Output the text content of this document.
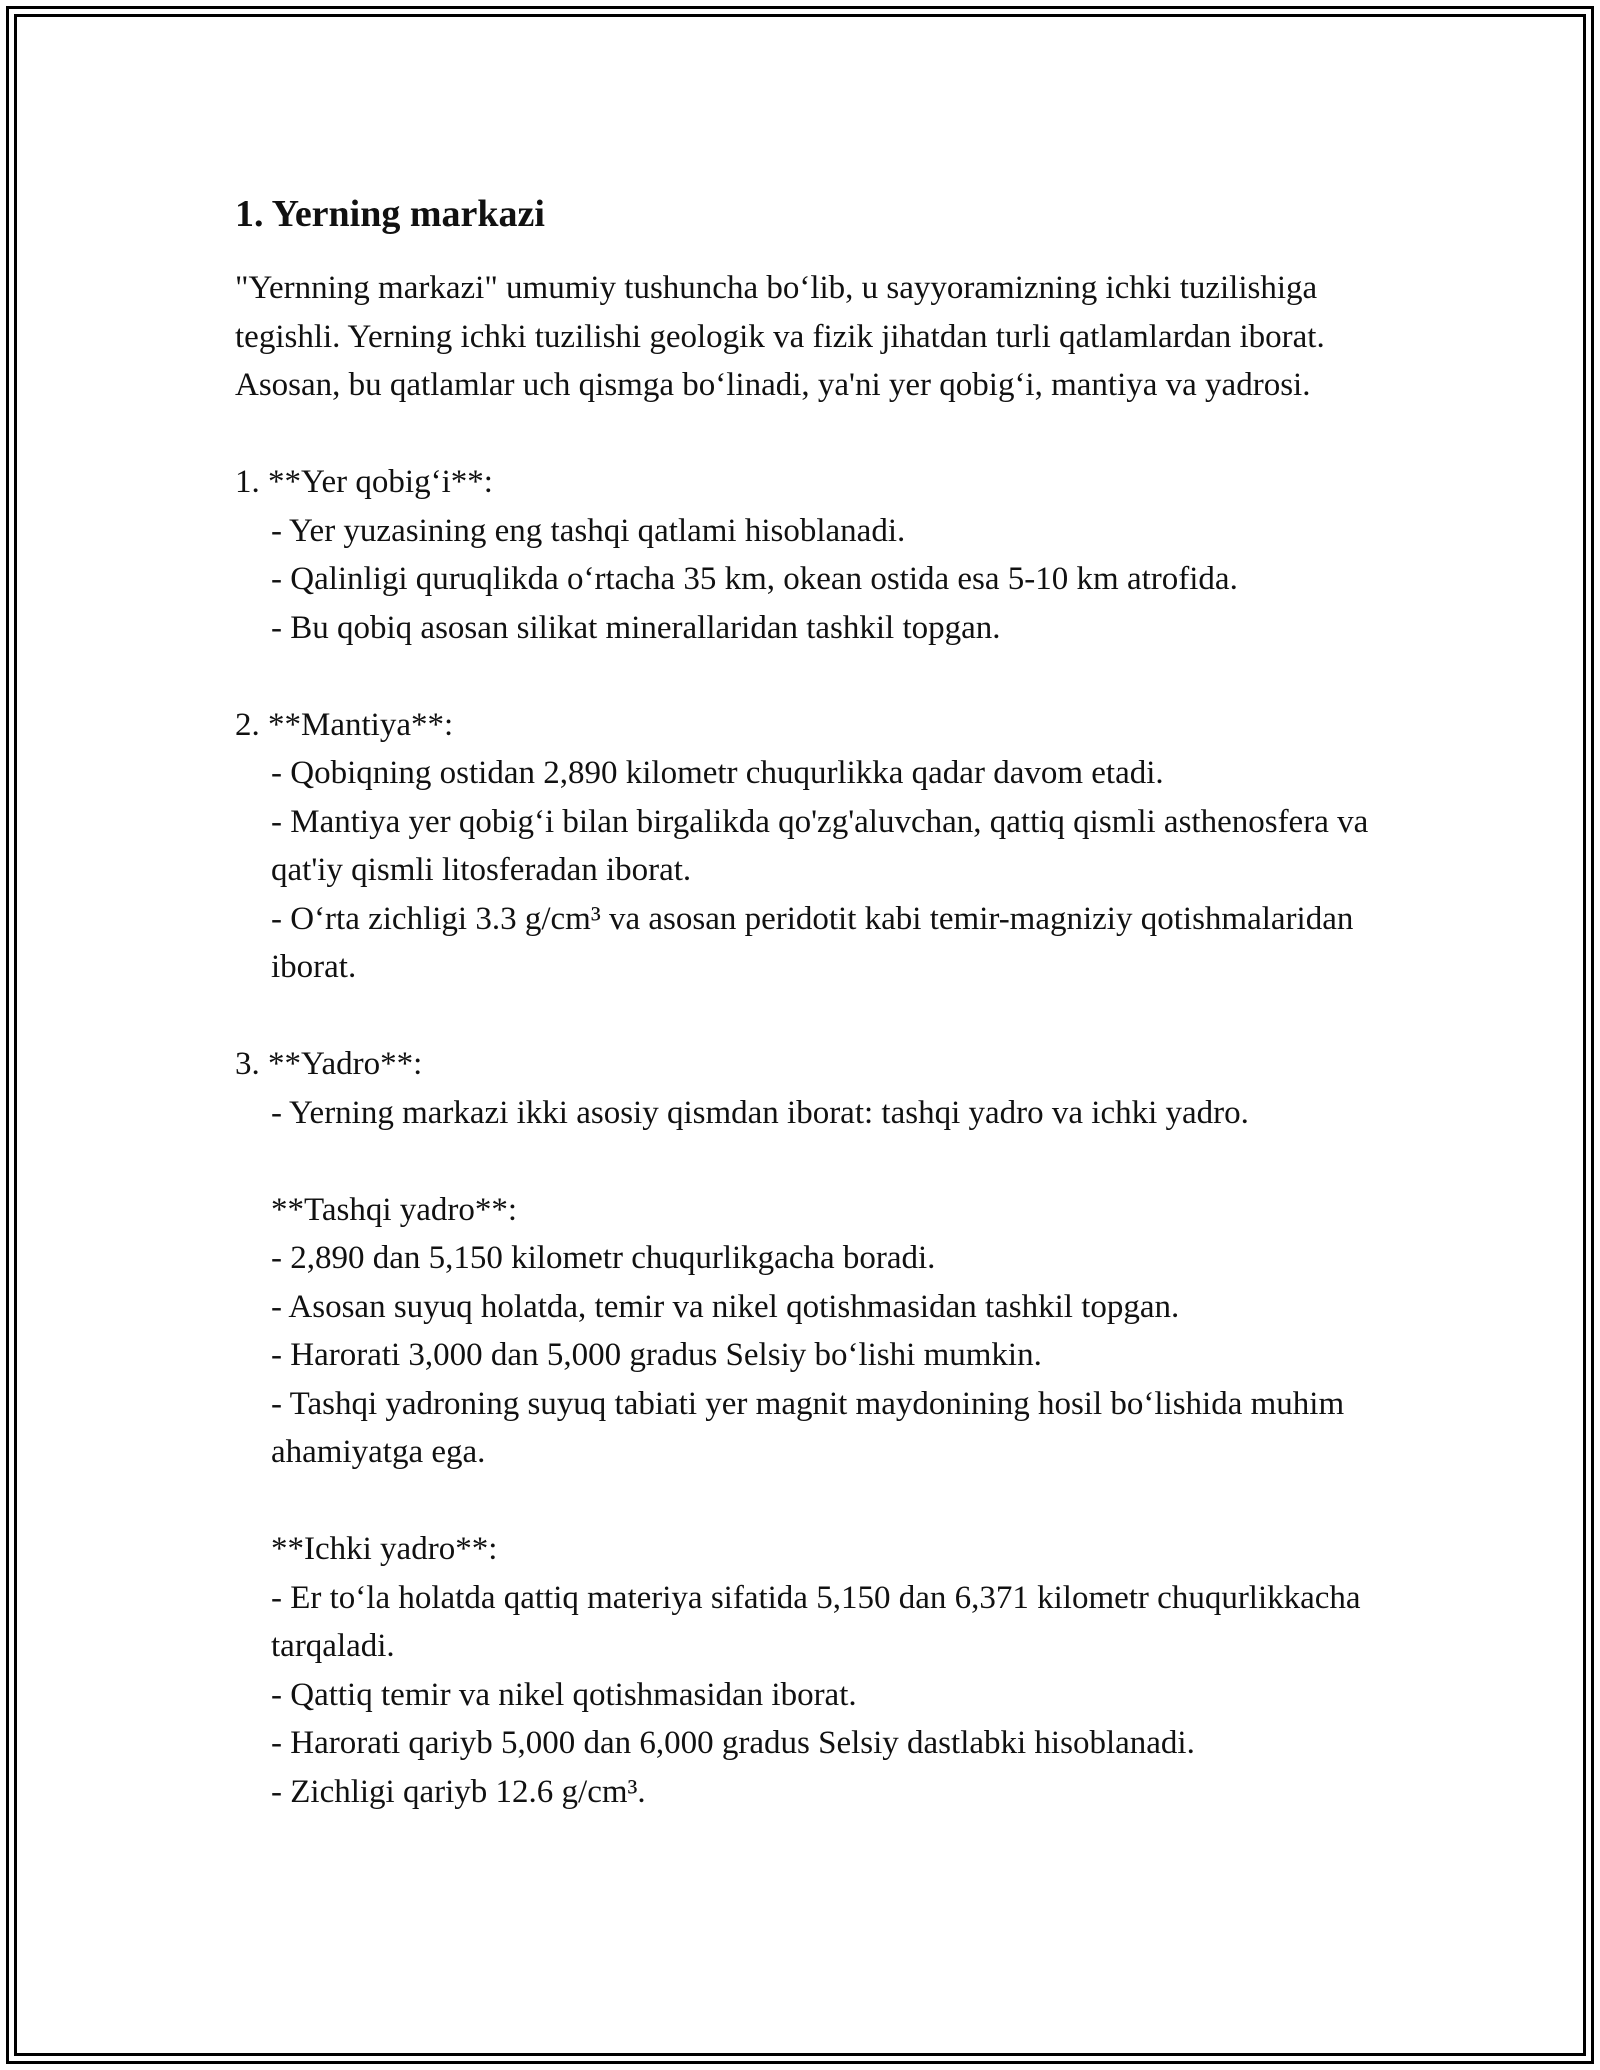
1. Yerning markazi

"Yernning markazi" umumiy tushuncha bo‘lib, u sayyoramizning ichki tuzilishiga tegishli. Yerning ichki tuzilishi geologik va fizik jihatdan turli qatlamlardan iborat. Asosan, bu qatlamlar uch qismga bo‘linadi, ya'ni yer qobig‘i, mantiya va yadrosi.

1. **Yer qobig‘i**:

- Yer yuzasining eng tashqi qatlami hisoblanadi.

- Qalinligi quruqlikda o‘rtacha 35 km, okean ostida esa 5-10 km atrofida.

- Bu qobiq asosan silikat minerallaridan tashkil topgan.

2. **Mantiya**:

- Qobiqning ostidan 2,890 kilometr chuqurlikka qadar davom etadi.

- Mantiya yer qobig‘i bilan birgalikda qo'zg'aluvchan, qattiq qismli asthenosfera va qat'iy qismli litosferadan iborat.

- O‘rta zichligi 3.3 g/cm³ va asosan peridotit kabi temir-magniziy qotishmalaridan iborat.

3. **Yadro**:

- Yerning markazi ikki asosiy qismdan iborat: tashqi yadro va ichki yadro.

**Tashqi yadro**:

- 2,890 dan 5,150 kilometr chuqurlikgacha boradi.

- Asosan suyuq holatda, temir va nikel qotishmasidan tashkil topgan.

- Harorati 3,000 dan 5,000 gradus Selsiy bo‘lishi mumkin.

- Tashqi yadroning suyuq tabiati yer magnit maydonining hosil bo‘lishida muhim ahamiyatga ega.

**Ichki yadro**:

- Er to‘la holatda qattiq materiya sifatida 5,150 dan 6,371 kilometr chuqurlikkacha tarqaladi.

- Qattiq temir va nikel qotishmasidan iborat.

- Harorati qariyb 5,000 dan 6,000 gradus Selsiy dastlabki hisoblanadi.

- Zichligi qariyb 12.6 g/cm³.
